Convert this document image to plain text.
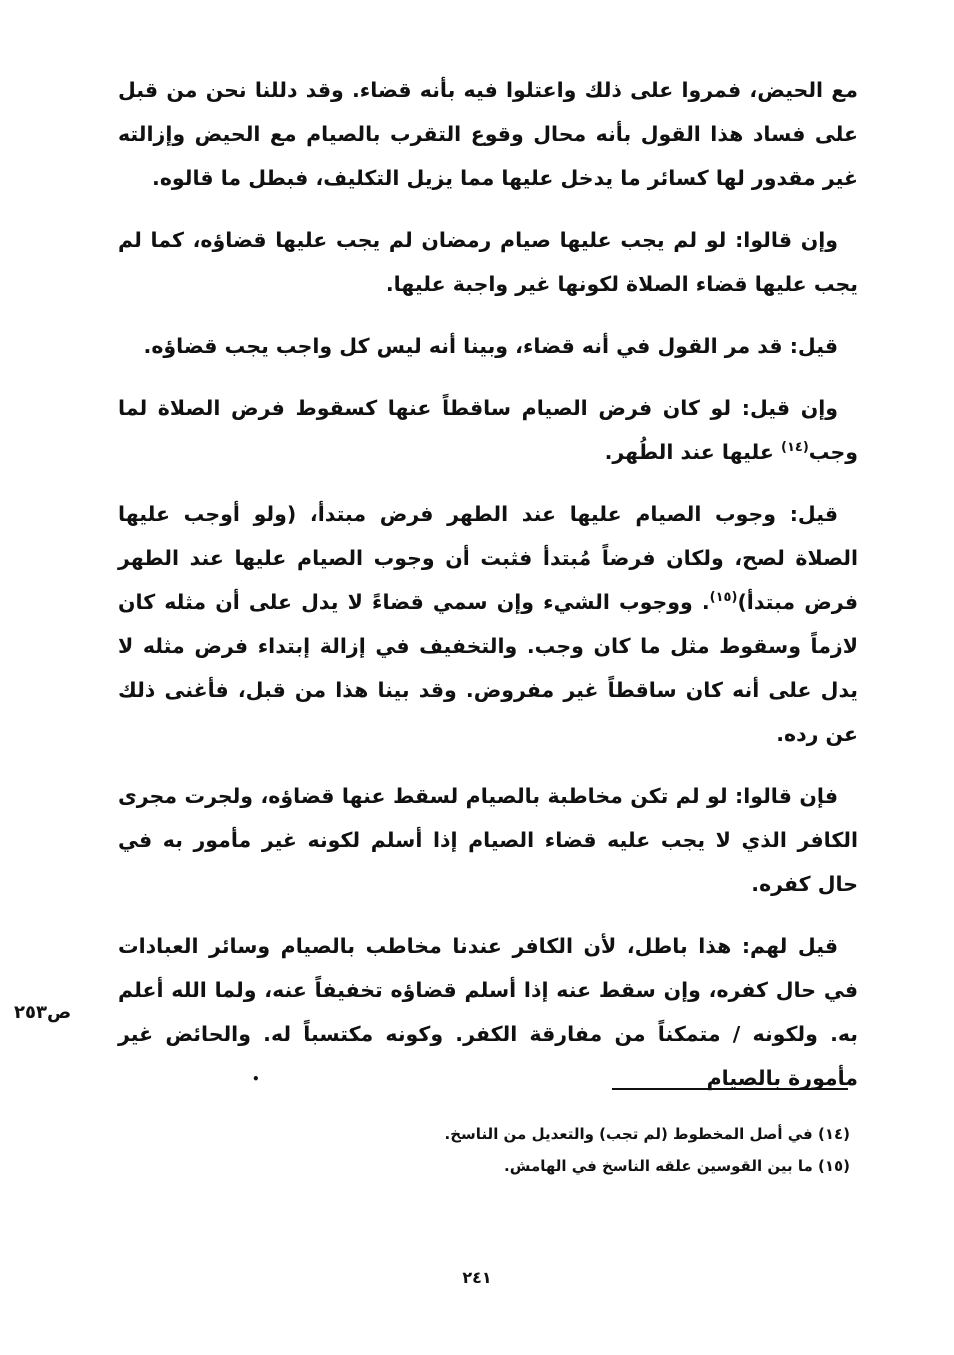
مع الحيض، فمروا على ذلك واعتلوا فيه بأنه قضاء. وقد دللنا نحن من قبل على فساد هذا القول بأنه محال وقوع التقرب بالصيام مع الحيض وإزالته غير مقدور لها كسائر ما يدخل عليها مما يزيل التكليف، فبطل ما قالوه.

وإن قالوا: لو لم يجب عليها صيام رمضان لم يجب عليها قضاؤه، كما لم يجب عليها قضاء الصلاة لكونها غير واجبة عليها.

قيل: قد مر القول في أنه قضاء، وبينا أنه ليس كل واجب يجب قضاؤه.

وإن قيل: لو كان فرض الصيام ساقطاً عنها كسقوط فرض الصلاة لما وجب$^{(١٤)}$ عليها عند الطُهر.

قيل: وجوب الصيام عليها عند الطهر فرض مبتدأ، (ولو أوجب عليها الصلاة لصح، ولكان فرضاً مُبتدأ فثبت أن وجوب الصيام عليها عند الطهر فرض مبتدأ)$^{(١٥)}$. ووجوب الشيء وإن سمي قضاءً لا يدل على أن مثله كان لازماً وسقوط مثل ما كان وجب. والتخفيف في إزالة إبتداء فرض مثله لا يدل على أنه كان ساقطاً غير مفروض. وقد بينا هذا من قبل، فأغنى ذلك عن رده.

فإن قالوا: لو لم تكن مخاطبة بالصيام لسقط عنها قضاؤه، ولجرت مجرى الكافر الذي لا يجب عليه قضاء الصيام إذا أسلم لكونه غير مأمور به في حال كفره.

قيل لهم: هذا باطل، لأن الكافر عندنا مخاطب بالصيام وسائر العبادات في حال كفره، وإن سقط عنه إذا أسلم قضاؤه تخفيفاً عنه، ولما الله أعلم به. ولكونه / متمكناً من مفارقة الكفر. وكونه مكتسباً له. والحائض غير مأمورة بالصيام

ص٢٥٣
•

(١٤) في أصل المخطوط (لم تجب) والتعديل من الناسخ.

(١٥) ما بين القوسين علقه الناسخ في الهامش.

٢٤١
